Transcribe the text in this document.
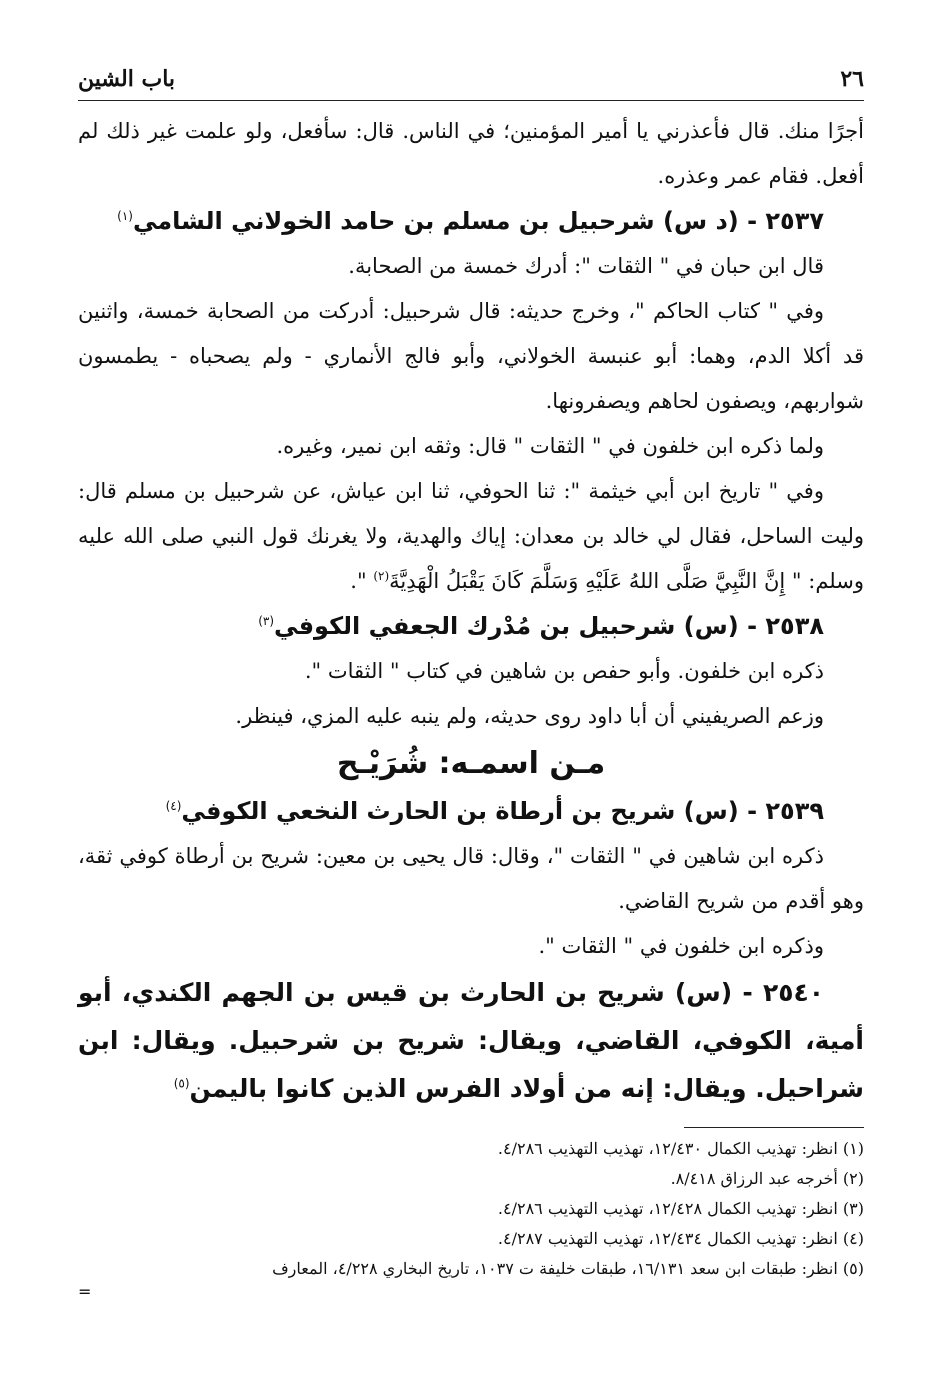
٢٦
باب الشين

أجرًا منك. قال فأعذرني يا أمير المؤمنين؛ في الناس. قال: سأفعل، ولو علمت غير ذلك لم أفعل. فقام عمر وعذره.

٢٥٣٧ - (د س) شرحبيل بن مسلم بن حامد الخولاني الشامي$^{(١)}$

قال ابن حبان في " الثقات ": أدرك خمسة من الصحابة.

وفي " كتاب الحاكم "، وخرج حديثه: قال شرحبيل: أدركت من الصحابة خمسة، واثنين قد أكلا الدم، وهما: أبو عنبسة الخولاني، وأبو فالج الأنماري - ولم يصحباه - يطمسون شواربهم، ويصفون لحاهم ويصفرونها.

ولما ذكره ابن خلفون في " الثقات " قال: وثقه ابن نمير، وغيره.

وفي " تاريخ ابن أبي خيثمة ": ثنا الحوفي، ثنا ابن عياش، عن شرحبيل بن مسلم قال: وليت الساحل، فقال لي خالد بن معدان: إياك والهدية، ولا يغرنك قول النبي صلى الله عليه وسلم: " إِنَّ النَّبِيَّ صَلَّى اللهُ عَلَيْهِ وَسَلَّمَ كَانَ يَقْبَلُ الْهَدِيَّةَ$^{(٢)}$ ".

٢٥٣٨ - (س) شرحبيل بن مُدْرك الجعفي الكوفي$^{(٣)}$

ذكره ابن خلفون. وأبو حفص بن شاهين في كتاب " الثقات ".

وزعم الصريفيني أن أبا داود روى حديثه، ولم ينبه عليه المزي، فينظر.

مـن اسمـه: شُرَيْـح

٢٥٣٩ - (س) شريح بن أرطاة بن الحارث النخعي الكوفي$^{(٤)}$

ذكره ابن شاهين في " الثقات "، وقال: قال يحيى بن معين: شريح بن أرطاة كوفي ثقة، وهو أقدم من شريح القاضي.

وذكره ابن خلفون في " الثقات ".

٢٥٤٠ - (س) شريح بن الحارث بن قيس بن الجهم الكندي، أبو أمية، الكوفي، القاضي، ويقال: شريح بن شرحبيل. ويقال: ابن شراحيل. ويقال: إنه من أولاد الفرس الذين كانوا باليمن$^{(٥)}$

(١) انظر: تهذيب الكمال ١٢/٤٣٠، تهذيب التهذيب ٤/٢٨٦.

(٢) أخرجه عبد الرزاق ٨/٤١٨.

(٣) انظر: تهذيب الكمال ١٢/٤٢٨، تهذيب التهذيب ٤/٢٨٦.

(٤) انظر: تهذيب الكمال ١٢/٤٣٤، تهذيب التهذيب ٤/٢٨٧.

(٥) انظر: طبقات ابن سعد ١٦/١٣١، طبقات خليفة ت ١٠٣٧، تاريخ البخاري ٤/٢٢٨، المعارف

=
